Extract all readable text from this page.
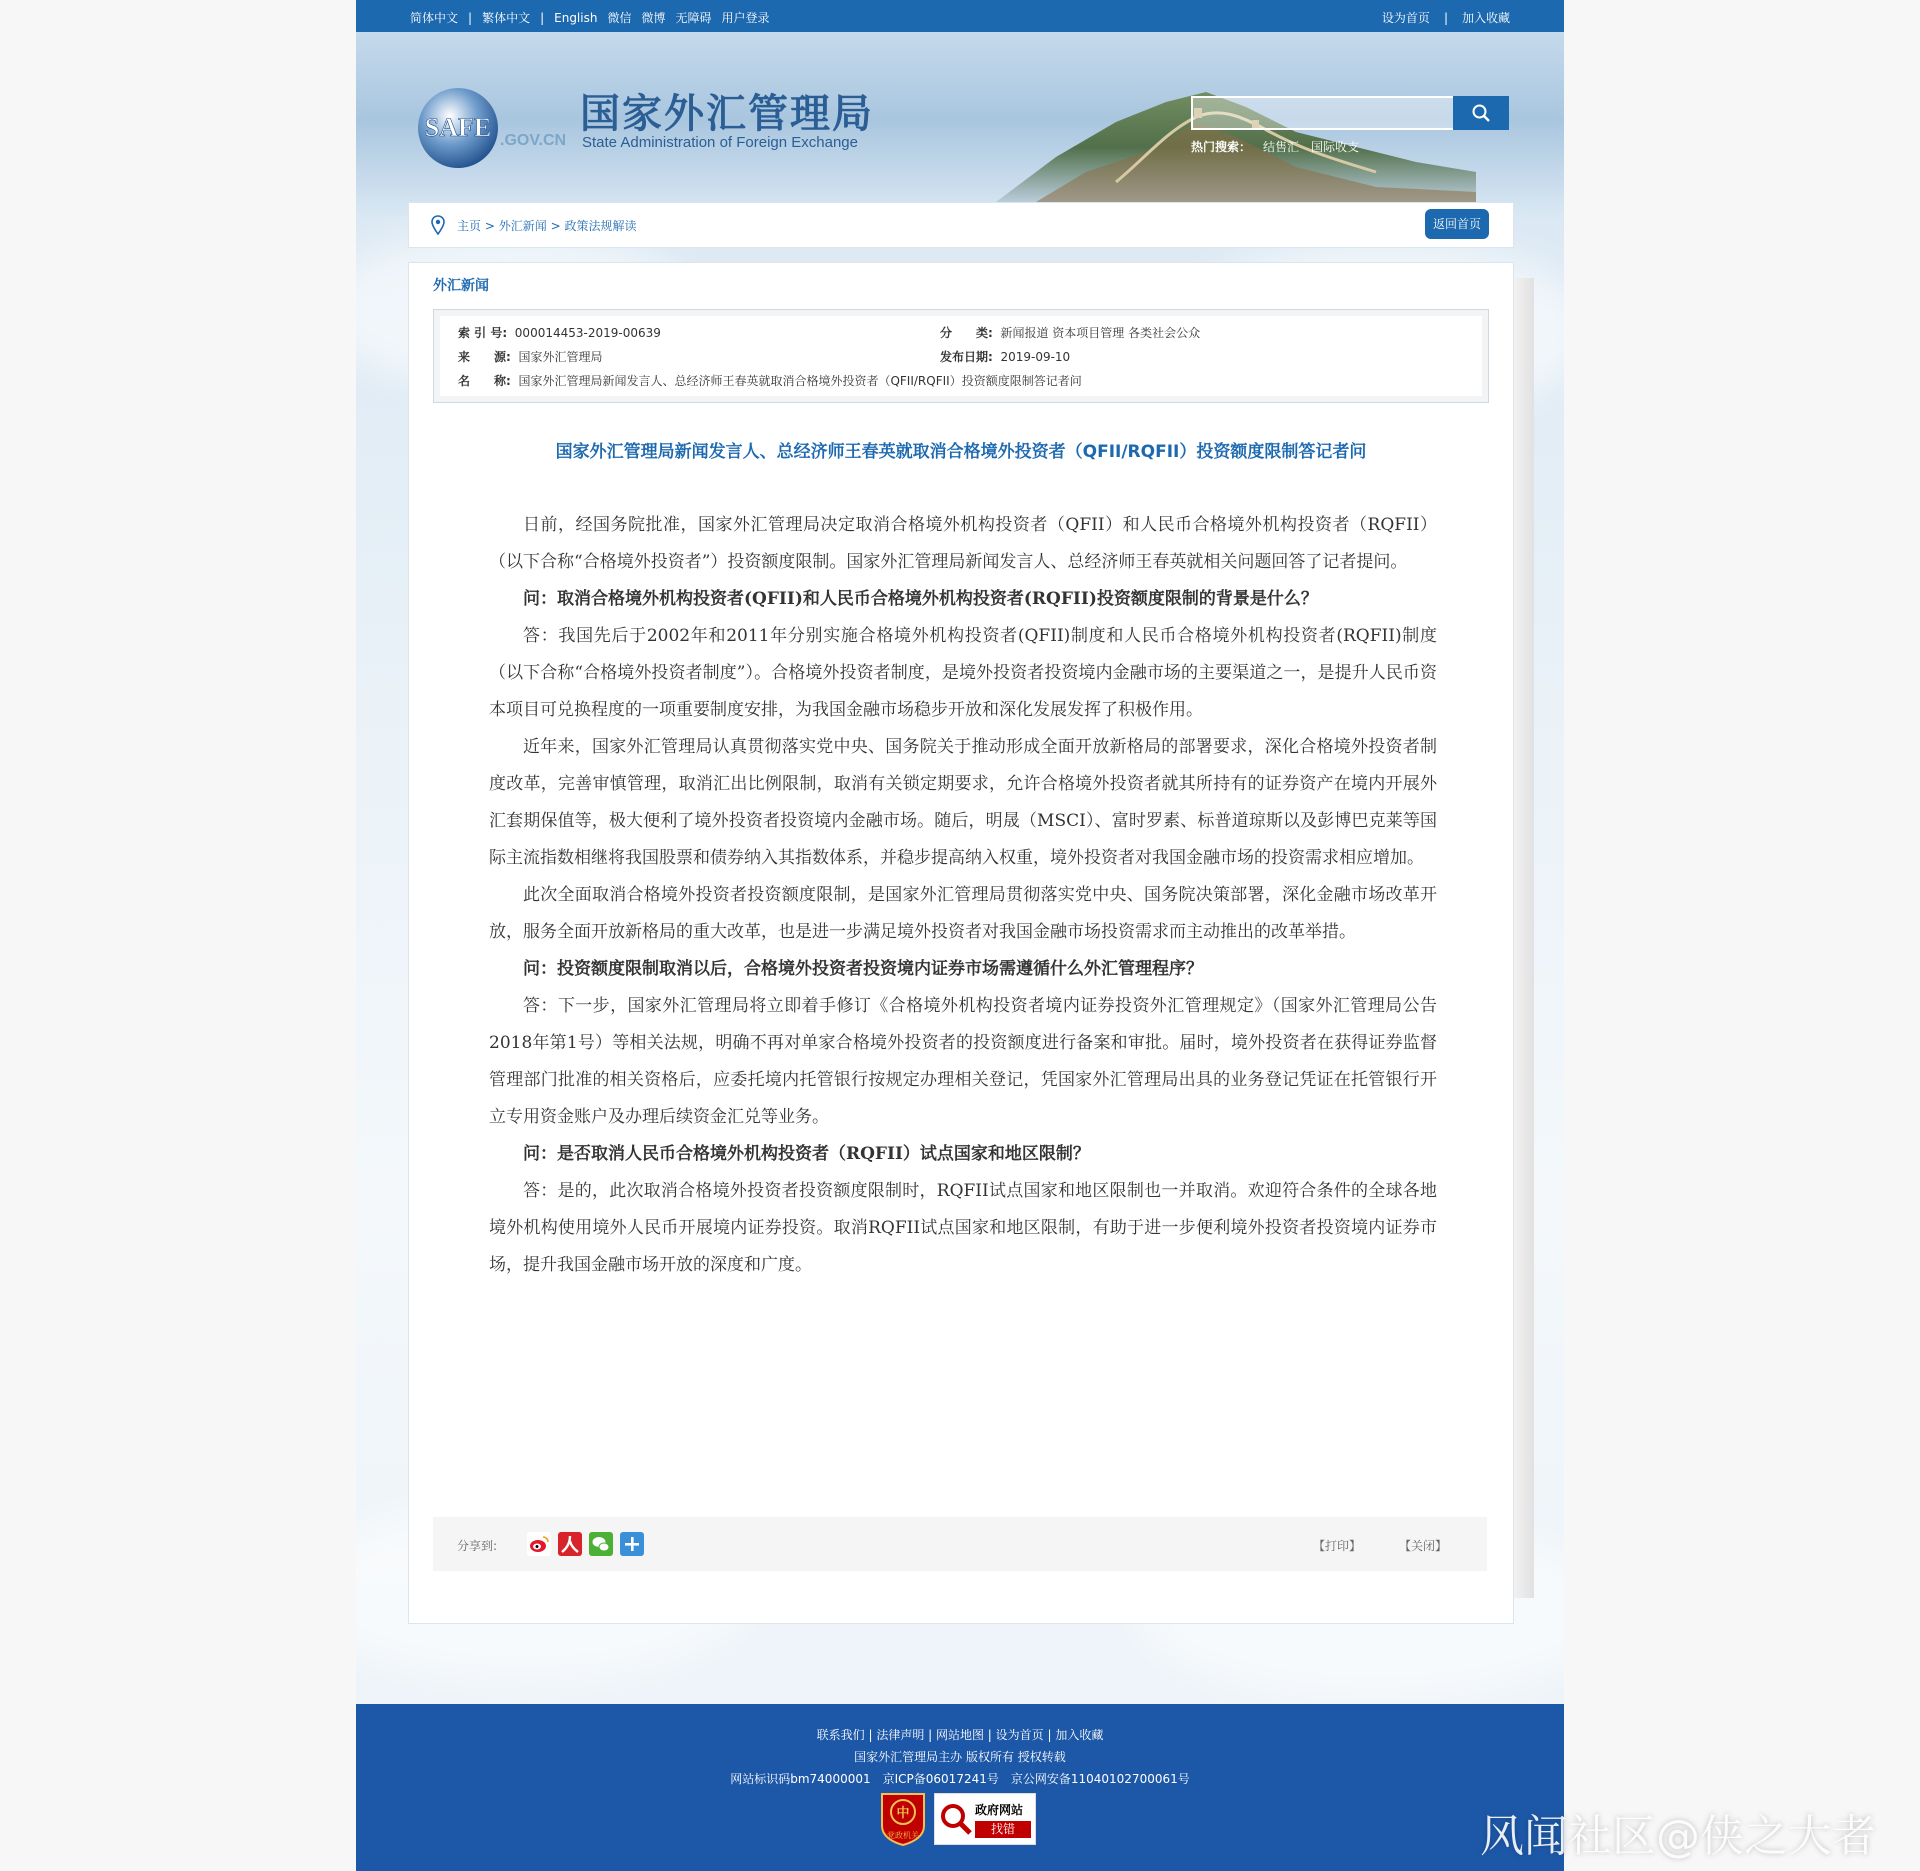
简体中文 | 繁体中文 | English 微信 微博 无障碍 用户登录	设为首页 | 加入收藏
SAFE .GOV.CN
国家外汇管理局
State Administration of Foreign Exchange	热门搜索： 结售汇 国际收支
主页 > 外汇新闻 > 政策法规解读	返回首页
外汇新闻
索 引 号: 000014453-2019-00639	分　　类: 新闻报道 资本项目管理 各类社会公众
来　　源: 国家外汇管理局	发布日期: 2019-09-10
名　　称: 国家外汇管理局新闻发言人、总经济师王春英就取消合格境外投资者（QFII/RQFII）投资额度限制答记者问
国家外汇管理局新闻发言人、总经济师王春英就取消合格境外投资者（QFII/RQFII）投资额度限制答记者问

日前，经国务院批准，国家外汇管理局决定取消合格境外机构投资者（QFII）和人民币合格境外机构投资者（RQFII）（以下合称“合格境外投资者”）投资额度限制。国家外汇管理局新闻发言人、总经济师王春英就相关问题回答了记者提问。

问：取消合格境外机构投资者(QFII)和人民币合格境外机构投资者(RQFII)投资额度限制的背景是什么？

答：我国先后于2002年和2011年分别实施合格境外机构投资者(QFII)制度和人民币合格境外机构投资者(RQFII)制度（以下合称“合格境外投资者制度”）。合格境外投资者制度，是境外投资者投资境内金融市场的主要渠道之一，是提升人民币资本项目可兑换程度的一项重要制度安排，为我国金融市场稳步开放和深化发展发挥了积极作用。

近年来，国家外汇管理局认真贯彻落实党中央、国务院关于推动形成全面开放新格局的部署要求，深化合格境外投资者制度改革，完善审慎管理，取消汇出比例限制，取消有关锁定期要求，允许合格境外投资者就其所持有的证券资产在境内开展外汇套期保值等，极大便利了境外投资者投资境内金融市场。随后，明晟（MSCI）、富时罗素、标普道琼斯以及彭博巴克莱等国际主流指数相继将我国股票和债券纳入其指数体系，并稳步提高纳入权重，境外投资者对我国金融市场的投资需求相应增加。

此次全面取消合格境外投资者投资额度限制，是国家外汇管理局贯彻落实党中央、国务院决策部署，深化金融市场改革开放，服务全面开放新格局的重大改革，也是进一步满足境外投资者对我国金融市场投资需求而主动推出的改革举措。

问：投资额度限制取消以后，合格境外投资者投资境内证券市场需遵循什么外汇管理程序？

答：下一步，国家外汇管理局将立即着手修订《合格境外机构投资者境内证券投资外汇管理规定》（国家外汇管理局公告2018年第1号）等相关法规，明确不再对单家合格境外投资者的投资额度进行备案和审批。届时，境外投资者在获得证券监督管理部门批准的相关资格后，应委托境内托管银行按规定办理相关登记，凭国家外汇管理局出具的业务登记凭证在托管银行开立专用资金账户及办理后续资金汇兑等业务。

问：是否取消人民币合格境外机构投资者（RQFII）试点国家和地区限制？

答：是的，此次取消合格境外投资者投资额度限制时，RQFII试点国家和地区限制也一并取消。欢迎符合条件的全球各地境外机构使用境外人民币开展境内证券投资。取消RQFII试点国家和地区限制，有助于进一步便利境外投资者投资境内证券市场，提升我国金融市场开放的深度和广度。

分享到:	【打印】	【关闭】
联系我们 | 法律声明 | 网站地图 | 设为首页 | 加入收藏
国家外汇管理局主办 版权所有 授权转载
网站标识码bm74000001　京ICP备06017241号　京公网安备11040102700061号
中
党政机关
政府网站
找错	风闻社区@侠之大者
